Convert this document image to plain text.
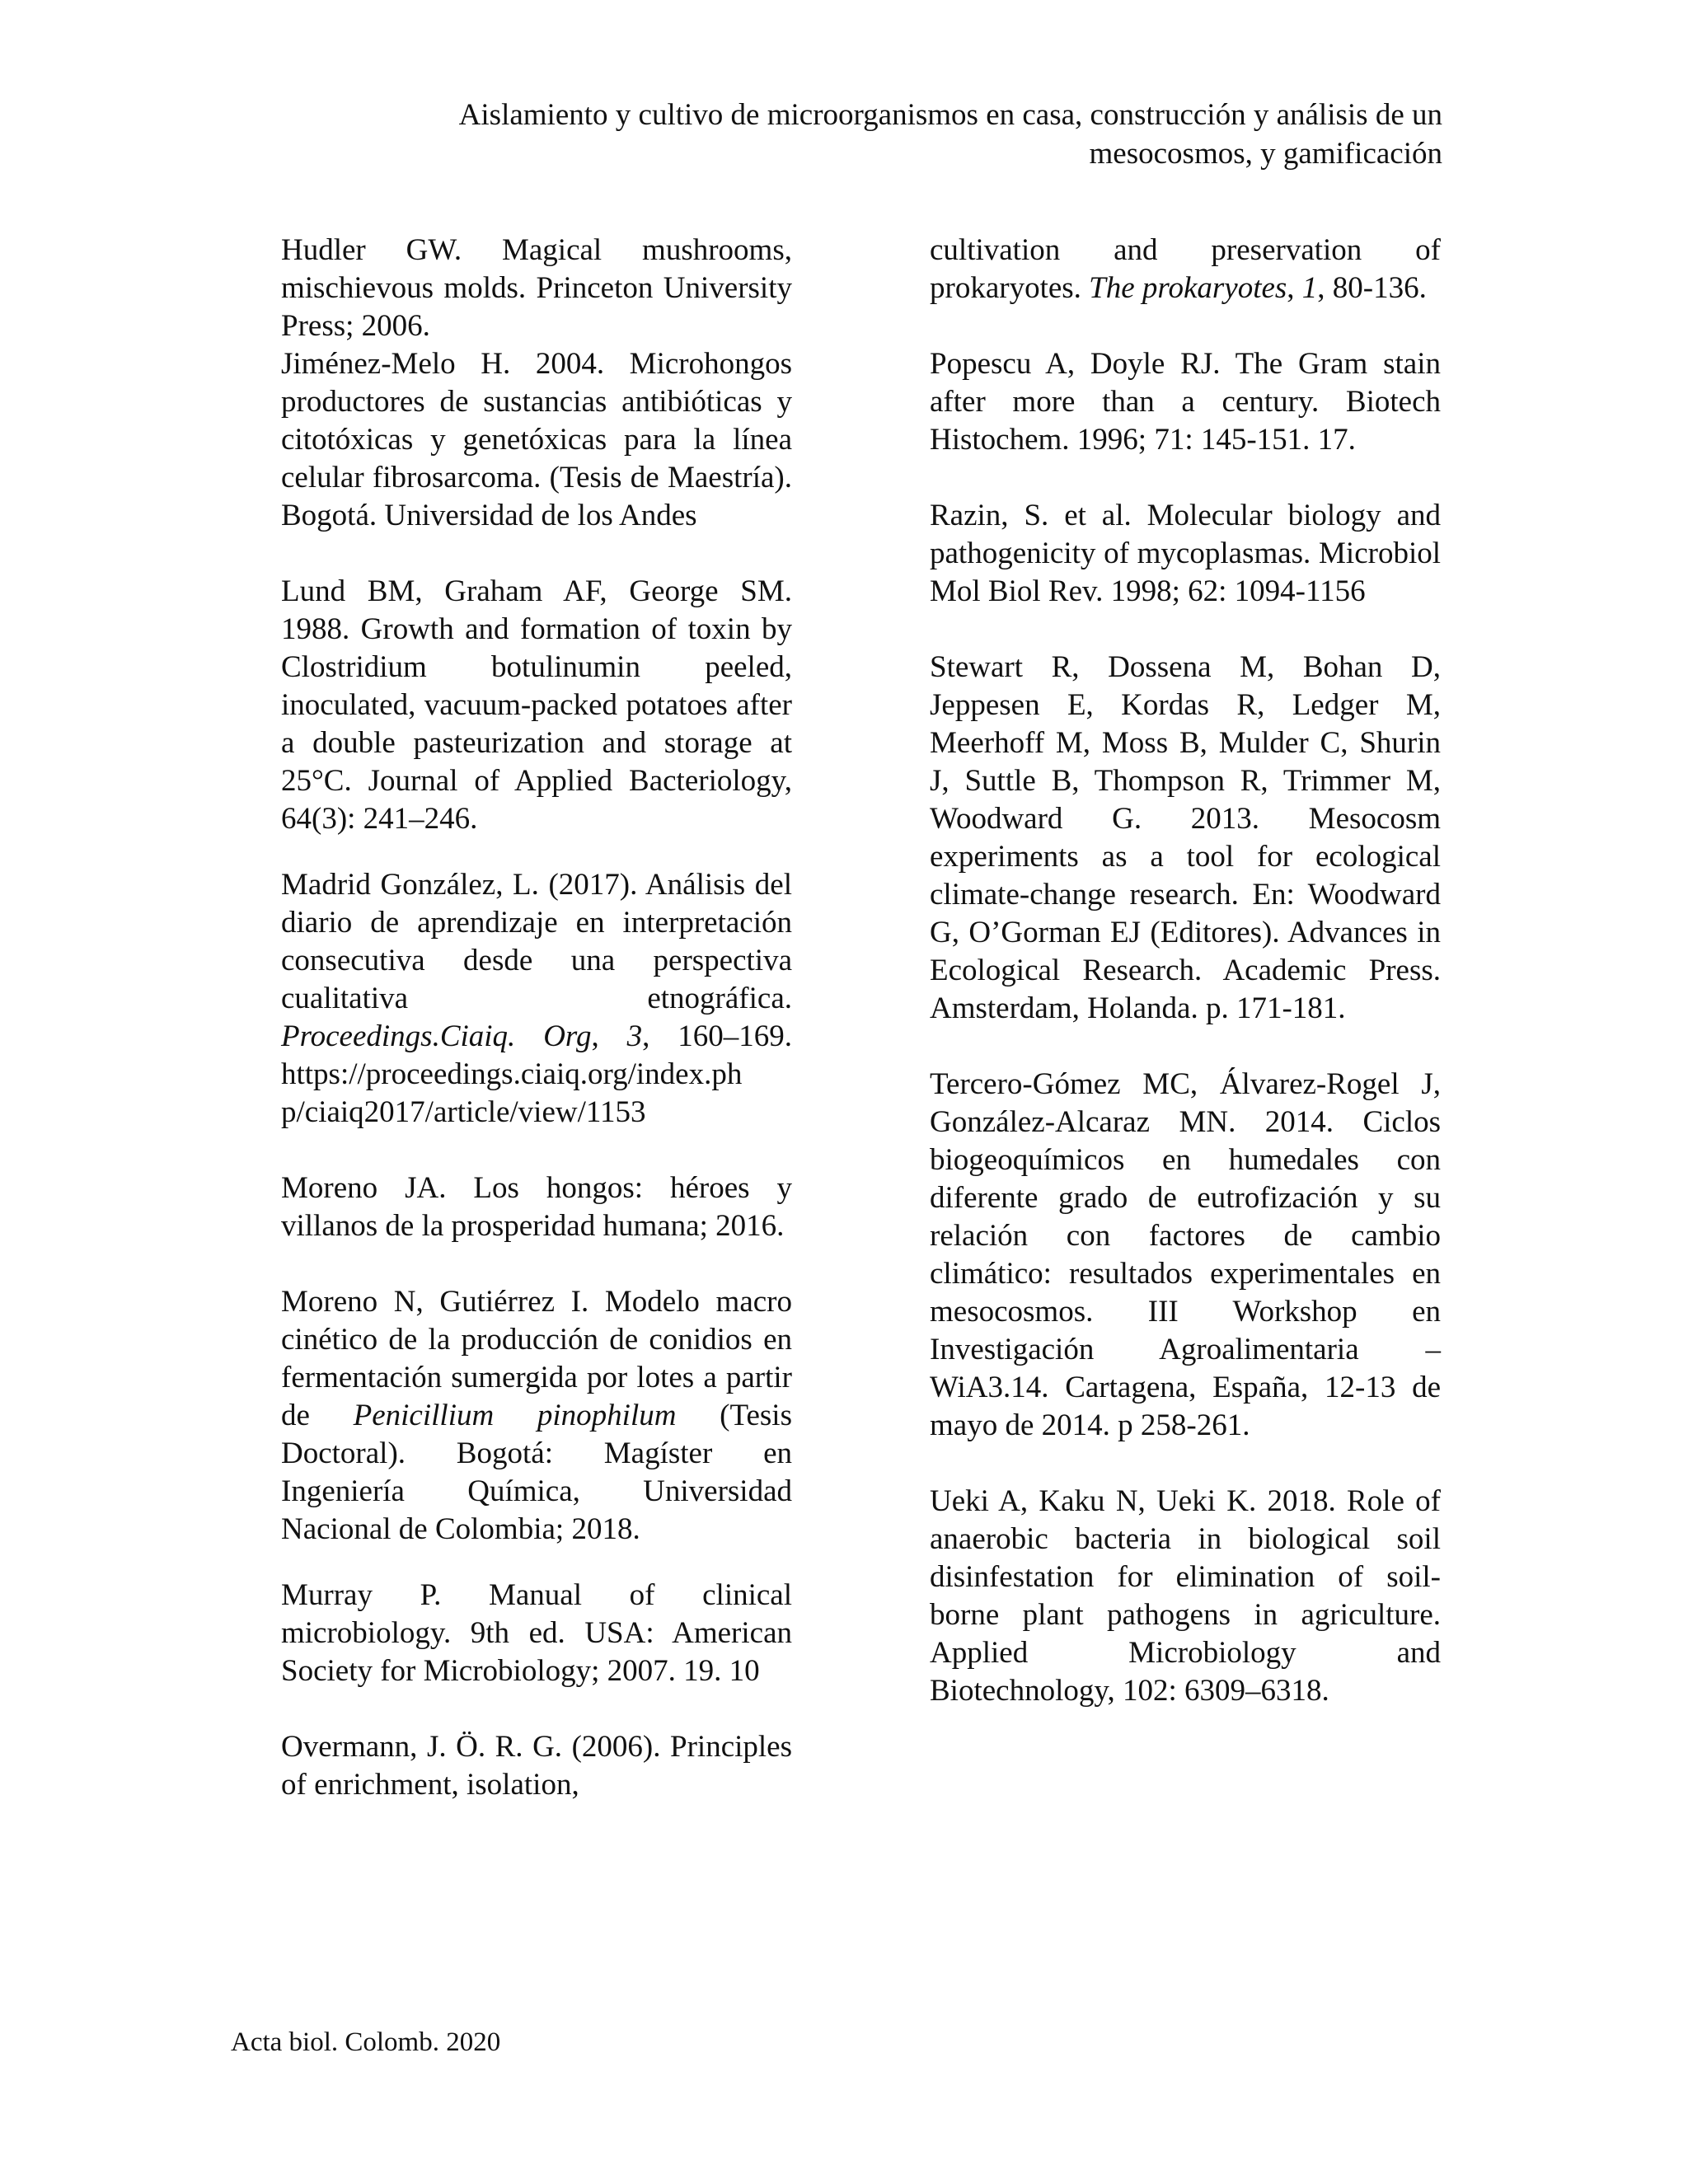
Aislamiento y cultivo de microorganismos en casa, construcción y análisis de un
mesocosmos, y gamificación

Hudler GW. Magical mushrooms, mischievous molds. Princeton University Press; 2006.

Jiménez-Melo H. 2004. Microhongos productores de sustancias antibióticas y citotóxicas y genetóxicas para la línea celular fibrosarcoma. (Tesis de Maestría). Bogotá. Universidad de los Andes

Lund BM, Graham AF, George SM. 1988. Growth and formation of toxin by Clostridium botulinumin peeled, inoculated, vacuum-packed potatoes after a double pasteurization and storage at 25°C. Journal of Applied Bacteriology, 64(3): 241–246.

Madrid González, L. (2017). Análisis del diario de aprendizaje en interpretación consecutiva desde una perspectiva cualitativa etnográfica. Proceedings.Ciaiq. Org, 3, 160–169. https://proceedings.ciaiq.org/index.ph
p/ciaiq2017/article/view/1153

Moreno JA. Los hongos: héroes y villanos de la prosperidad humana; 2016.

Moreno N, Gutiérrez I. Modelo macro cinético de la producción de conidios en fermentación sumergida por lotes a partir de Penicillium pinophilum (Tesis Doctoral). Bogotá: Magíster en Ingeniería Química, Universidad Nacional de Colombia; 2018.

Murray P. Manual of clinical microbiology. 9th ed. USA: American Society for Microbiology; 2007. 19. 10

Overmann, J. Ö. R. G. (2006). Principles of enrichment, isolation,

cultivation and preservation of prokaryotes. The prokaryotes, 1, 80-136.

Popescu A, Doyle RJ. The Gram stain after more than a century. Biotech Histochem. 1996; 71: 145-151. 17.

Razin, S. et al. Molecular biology and pathogenicity of mycoplasmas. Microbiol Mol Biol Rev. 1998; 62: 1094-1156

Stewart R, Dossena M, Bohan D, Jeppesen E, Kordas R, Ledger M, Meerhoff M, Moss B, Mulder C, Shurin J, Suttle B, Thompson R, Trimmer M, Woodward G. 2013. Mesocosm experiments as a tool for ecological climate-change research. En: Woodward G, O’Gorman EJ (Editores). Advances in Ecological Research. Academic Press. Amsterdam, Holanda. p. 171-181.

Tercero-Gómez MC, Álvarez-Rogel J, González-Alcaraz MN. 2014. Ciclos biogeoquímicos en humedales con diferente grado de eutrofización y su relación con factores de cambio climático: resultados experimentales en mesocosmos. III Workshop en Investigación Agroalimentaria – WiA3.14. Cartagena, España, 12-13 de mayo de 2014. p 258-261.

Ueki A, Kaku N, Ueki K. 2018. Role of anaerobic bacteria in biological soil disinfestation for elimination of soil-borne plant pathogens in agriculture. Applied Microbiology and Biotechnology, 102: 6309–6318.

Acta biol. Colomb. 2020
